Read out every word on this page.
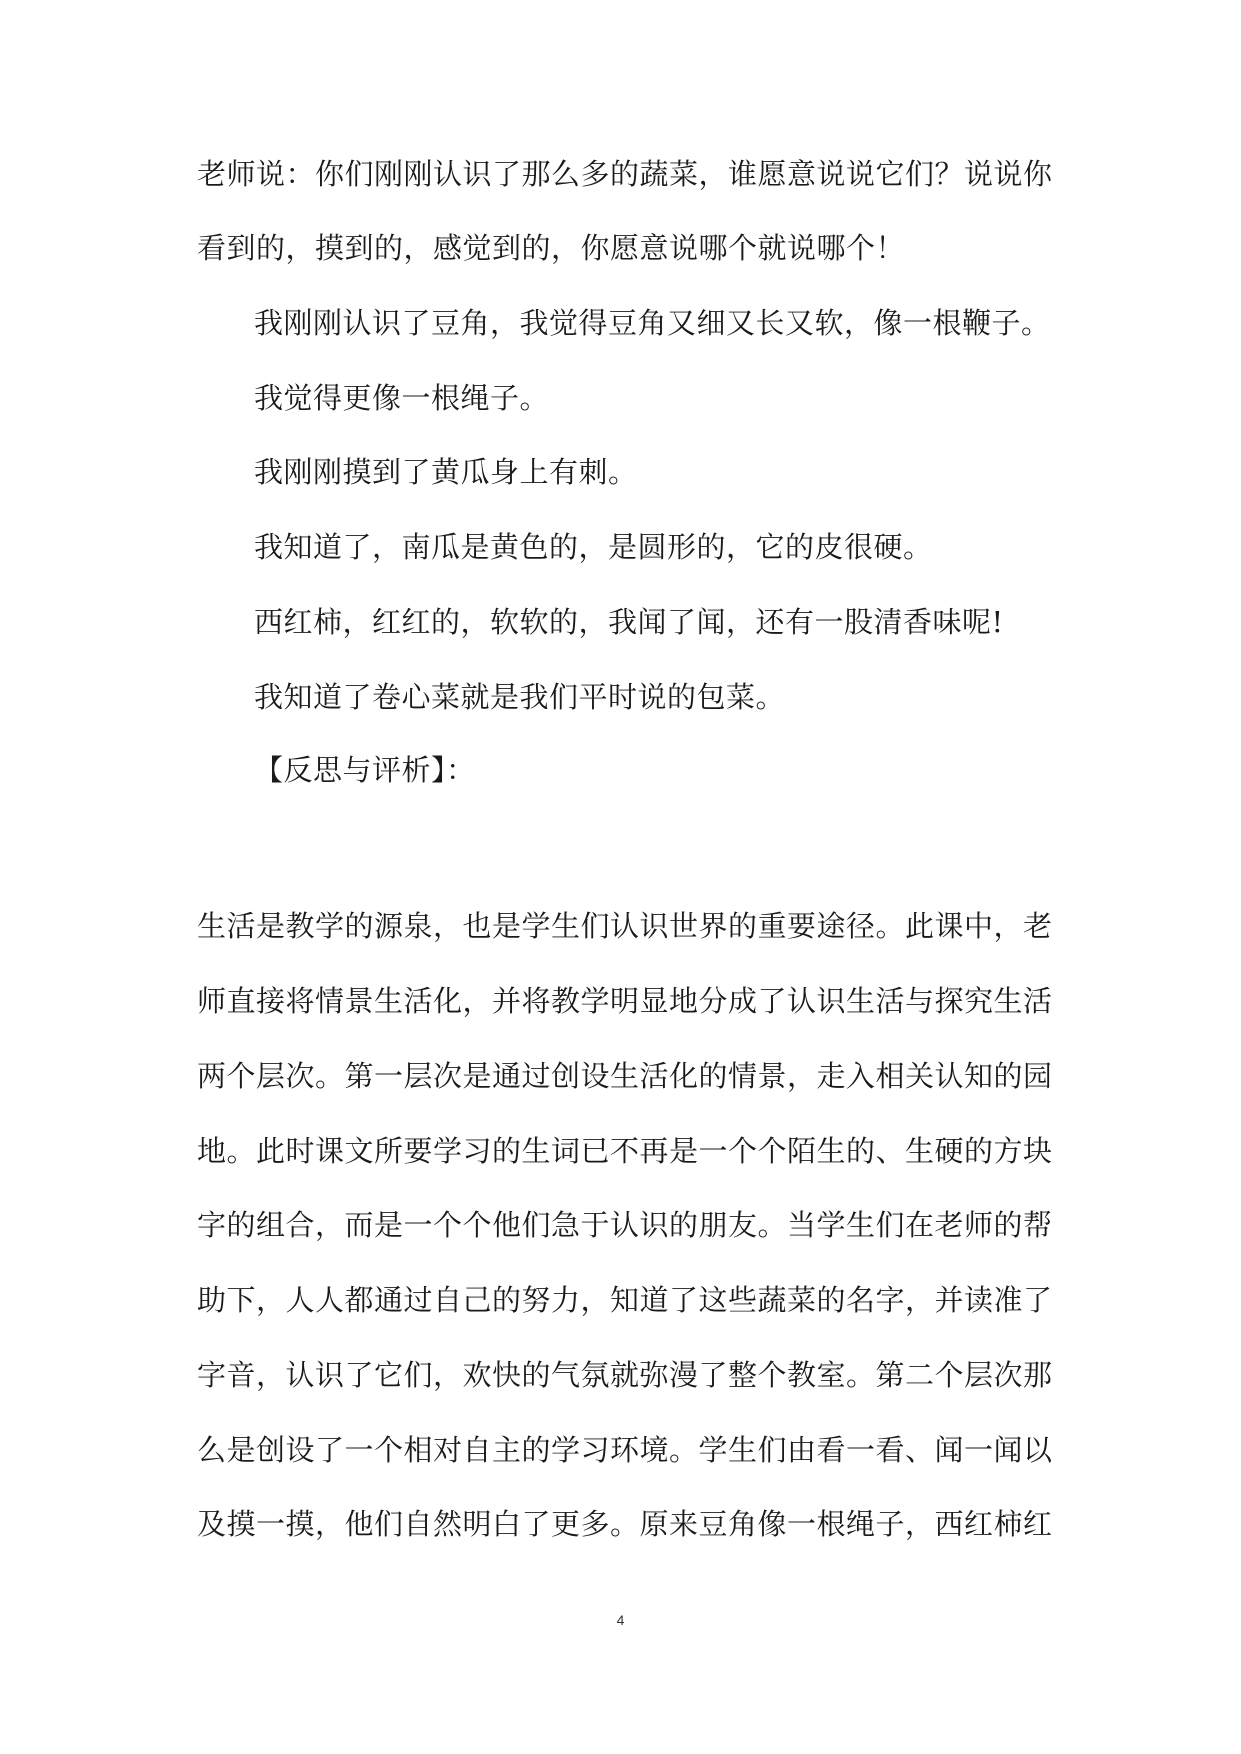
老师说：你们刚刚认识了那么多的蔬菜，谁愿意说说它们？说说你
看到的，摸到的，感觉到的，你愿意说哪个就说哪个！
我刚刚认识了豆角，我觉得豆角又细又长又软，像一根鞭子。
我觉得更像一根绳子。
我刚刚摸到了黄瓜身上有刺。
我知道了，南瓜是黄色的，是圆形的，它的皮很硬。
西红柿，红红的，软软的，我闻了闻，还有一股清香味呢!
我知道了卷心菜就是我们平时说的包菜。
【反思与评析】：
生活是教学的源泉，也是学生们认识世界的重要途径。此课中，老
师直接将情景生活化，并将教学明显地分成了认识生活与探究生活
两个层次。第一层次是通过创设生活化的情景，走入相关认知的园
地。此时课文所要学习的生词已不再是一个个陌生的、生硬的方块
字的组合，而是一个个他们急于认识的朋友。当学生们在老师的帮
助下，人人都通过自己的努力，知道了这些蔬菜的名字，并读准了
字音，认识了它们，欢快的气氛就弥漫了整个教室。第二个层次那
么是创设了一个相对自主的学习环境。学生们由看一看、闻一闻以
及摸一摸，他们自然明白了更多。原来豆角像一根绳子，西红柿红
4
